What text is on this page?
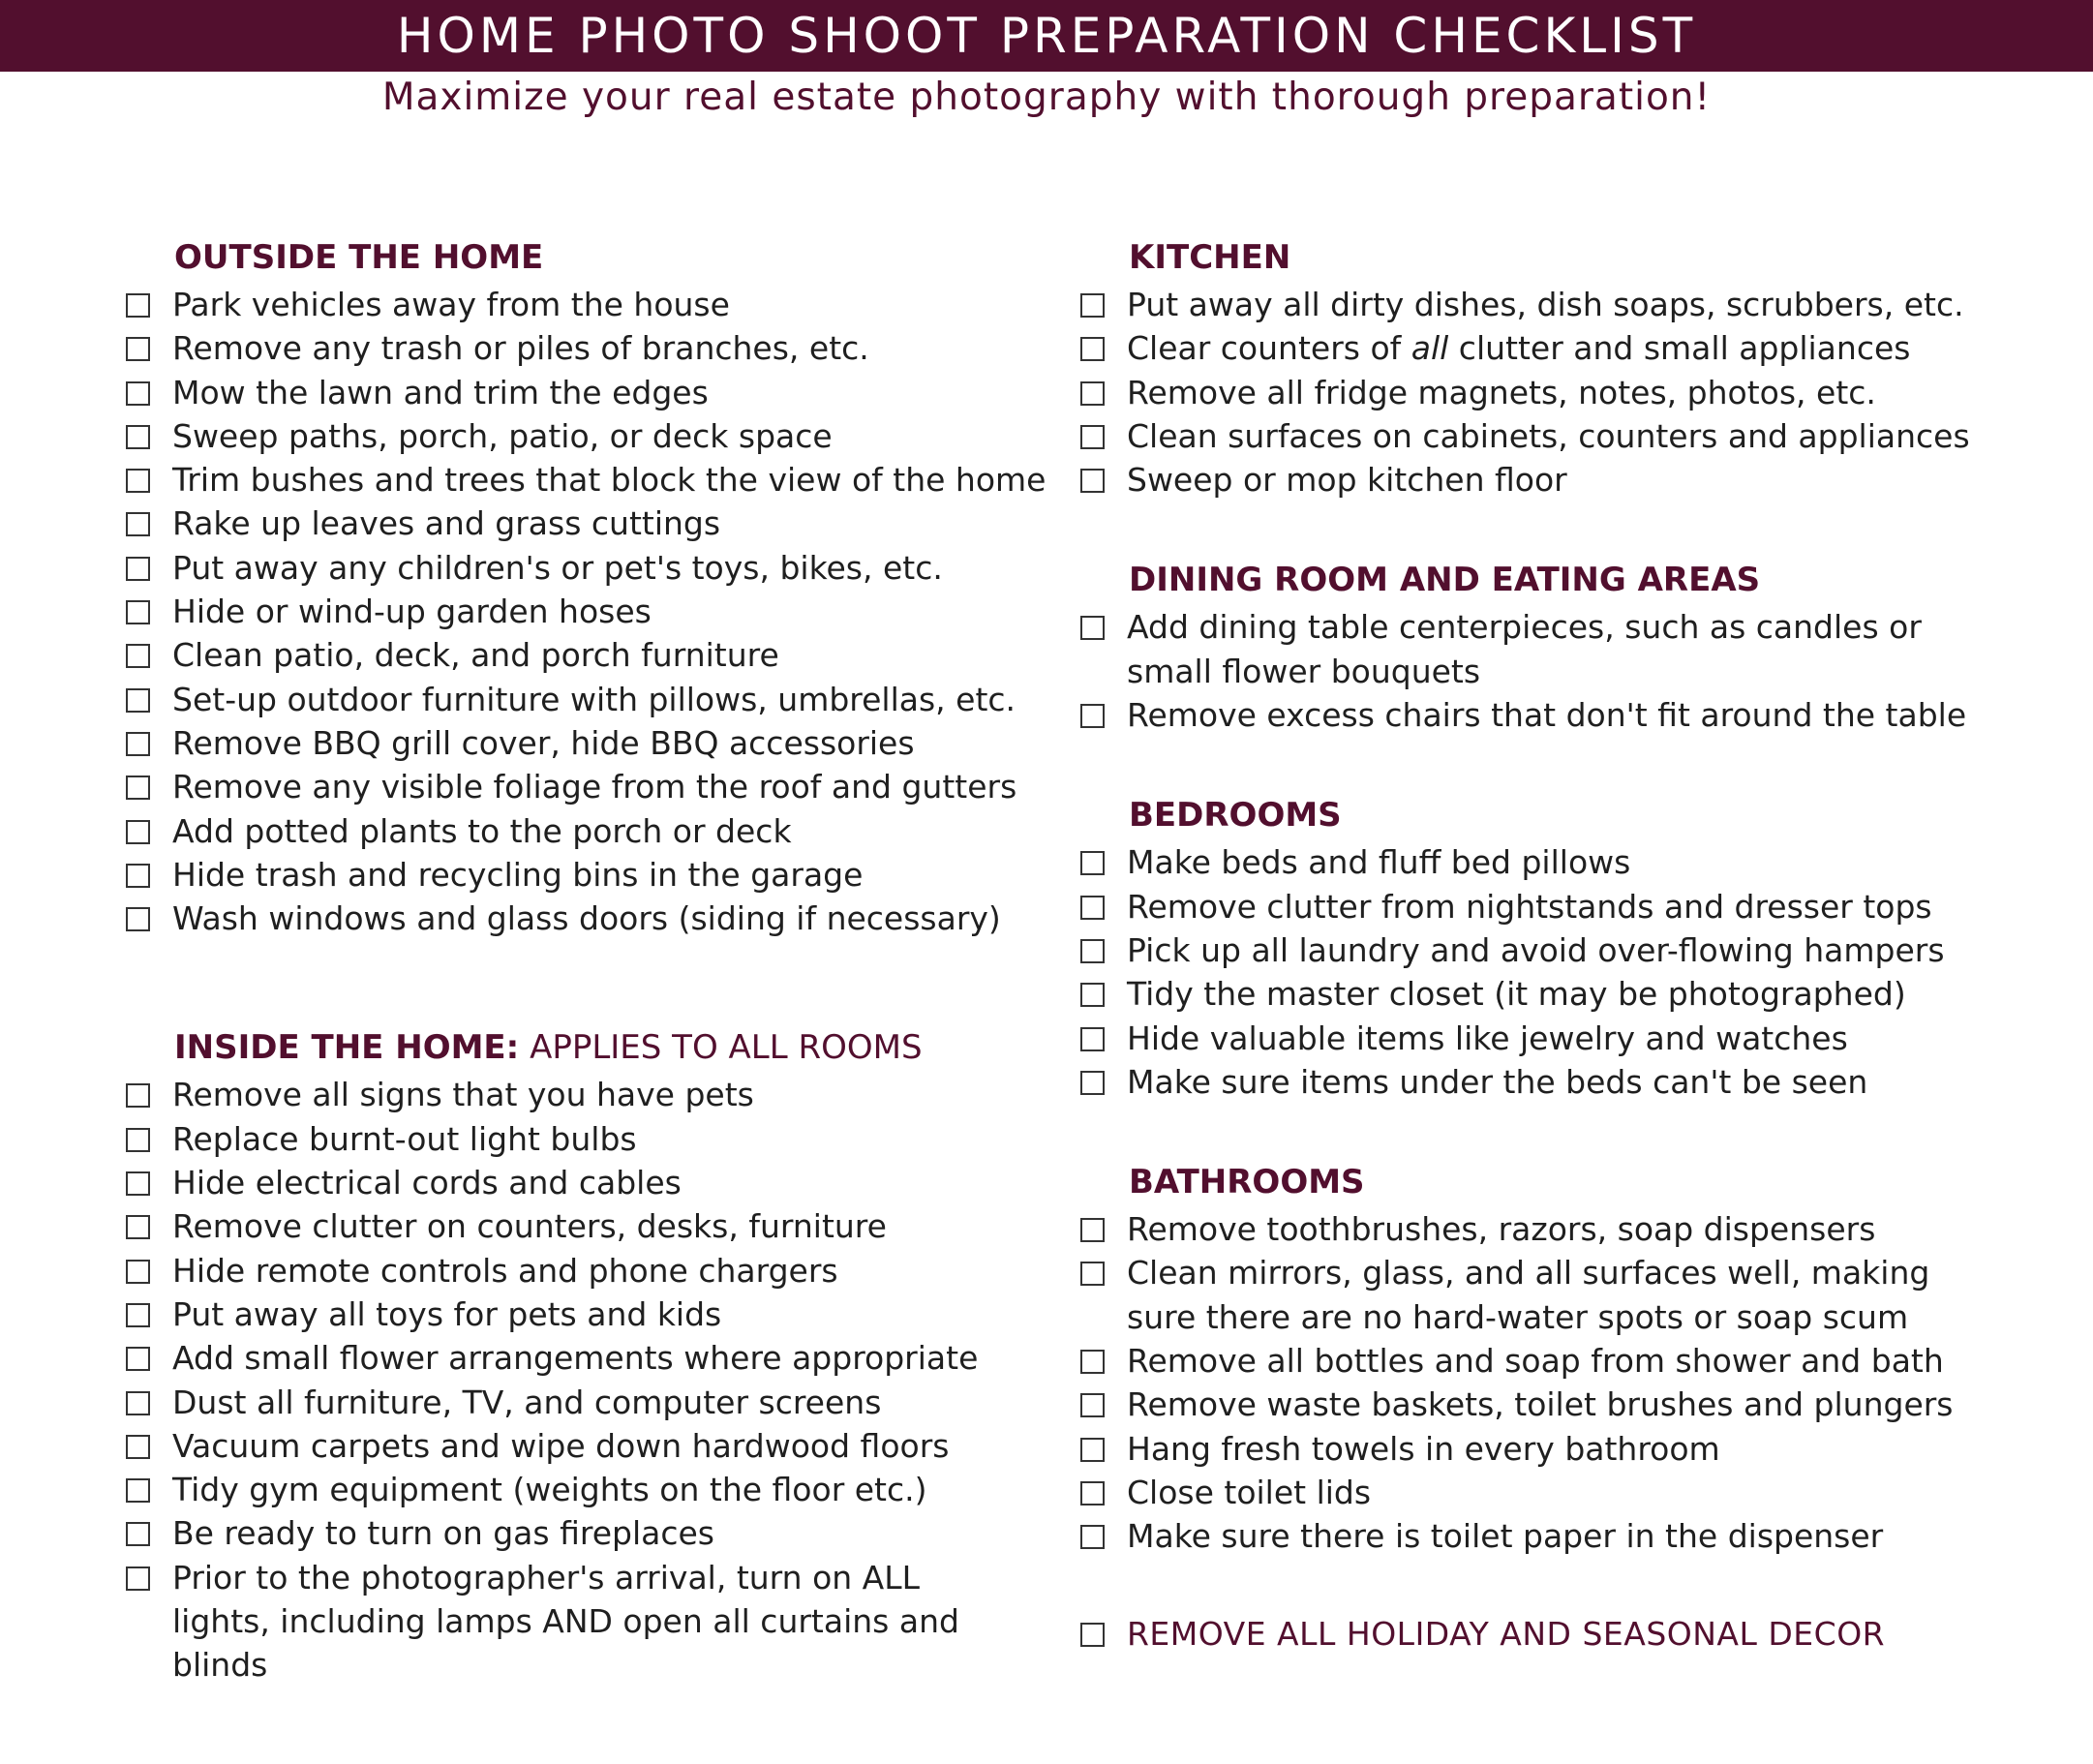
HOME PHOTO SHOOT PREPARATION CHECKLIST
Maximize your real estate photography with thorough preparation!
OUTSIDE THE HOME
Park vehicles away from the house
Remove any trash or piles of branches, etc.
Mow the lawn and trim the edges
Sweep paths, porch, patio, or deck space
Trim bushes and trees that block the view of the home
Rake up leaves and grass cuttings
Put away any children's or pet's toys, bikes, etc.
Hide or wind-up garden hoses
Clean patio, deck, and porch furniture
Set-up outdoor furniture with pillows, umbrellas, etc.
Remove BBQ grill cover, hide BBQ accessories
Remove any visible foliage from the roof and gutters
Add potted plants to the porch or deck
Hide trash and recycling bins in the garage
Wash windows and glass doors (siding if necessary)
INSIDE THE HOME: APPLIES TO ALL ROOMS
Remove all signs that you have pets
Replace burnt-out light bulbs
Hide electrical cords and cables
Remove clutter on counters, desks, furniture
Hide remote controls and phone chargers
Put away all toys for pets and kids
Add small flower arrangements where appropriate
Dust all furniture, TV, and computer screens
Vacuum carpets and wipe down hardwood floors
Tidy gym equipment (weights on the floor etc.)
Be ready to turn on gas fireplaces
Prior to the photographer's arrival, turn on ALL lights, including lamps AND open all curtains and blinds
KITCHEN
Put away all dirty dishes, dish soaps, scrubbers, etc.
Clear counters of all clutter and small appliances
Remove all fridge magnets, notes, photos, etc.
Clean surfaces on cabinets, counters and appliances
Sweep or mop kitchen floor
DINING ROOM AND EATING AREAS
Add dining table centerpieces, such as candles or small flower bouquets
Remove excess chairs that don't fit around the table
BEDROOMS
Make beds and fluff bed pillows
Remove clutter from nightstands and dresser tops
Pick up all laundry and avoid over-flowing hampers
Tidy the master closet (it may be photographed)
Hide valuable items like jewelry and watches
Make sure items under the beds can't be seen
BATHROOMS
Remove toothbrushes, razors, soap dispensers
Clean mirrors, glass, and all surfaces well, making sure there are no hard-water spots or soap scum
Remove all bottles and soap from shower and bath
Remove waste baskets, toilet brushes and plungers
Hang fresh towels in every bathroom
Close toilet lids
Make sure there is toilet paper in the dispenser
REMOVE ALL HOLIDAY AND SEASONAL DECOR
